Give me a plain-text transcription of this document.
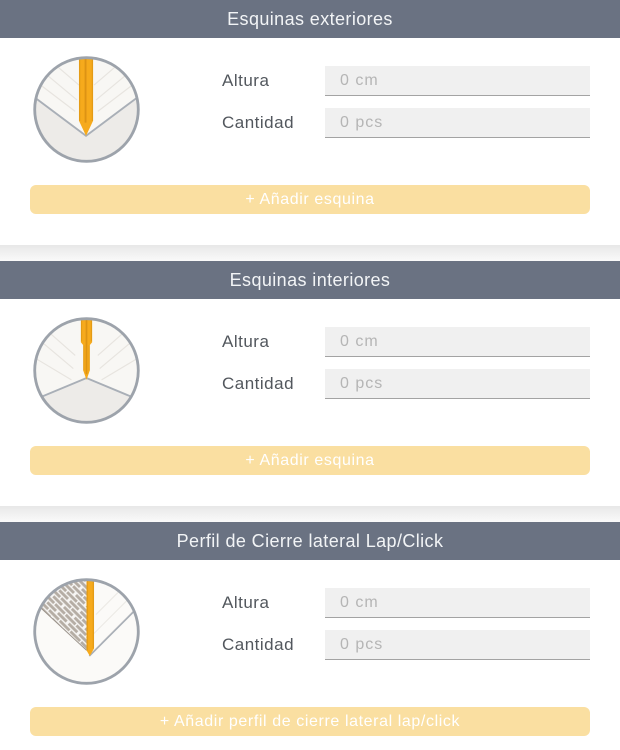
Esquinas exteriores
Altura
0 cm
Cantidad
0 pcs
+ Añadir esquina
Esquinas interiores
Altura
0 cm
Cantidad
0 pcs
+ Añadir esquina
Perfil de Cierre lateral Lap/Click
Altura
0 cm
Cantidad
0 pcs
+ Añadir perfil de cierre lateral lap/click
